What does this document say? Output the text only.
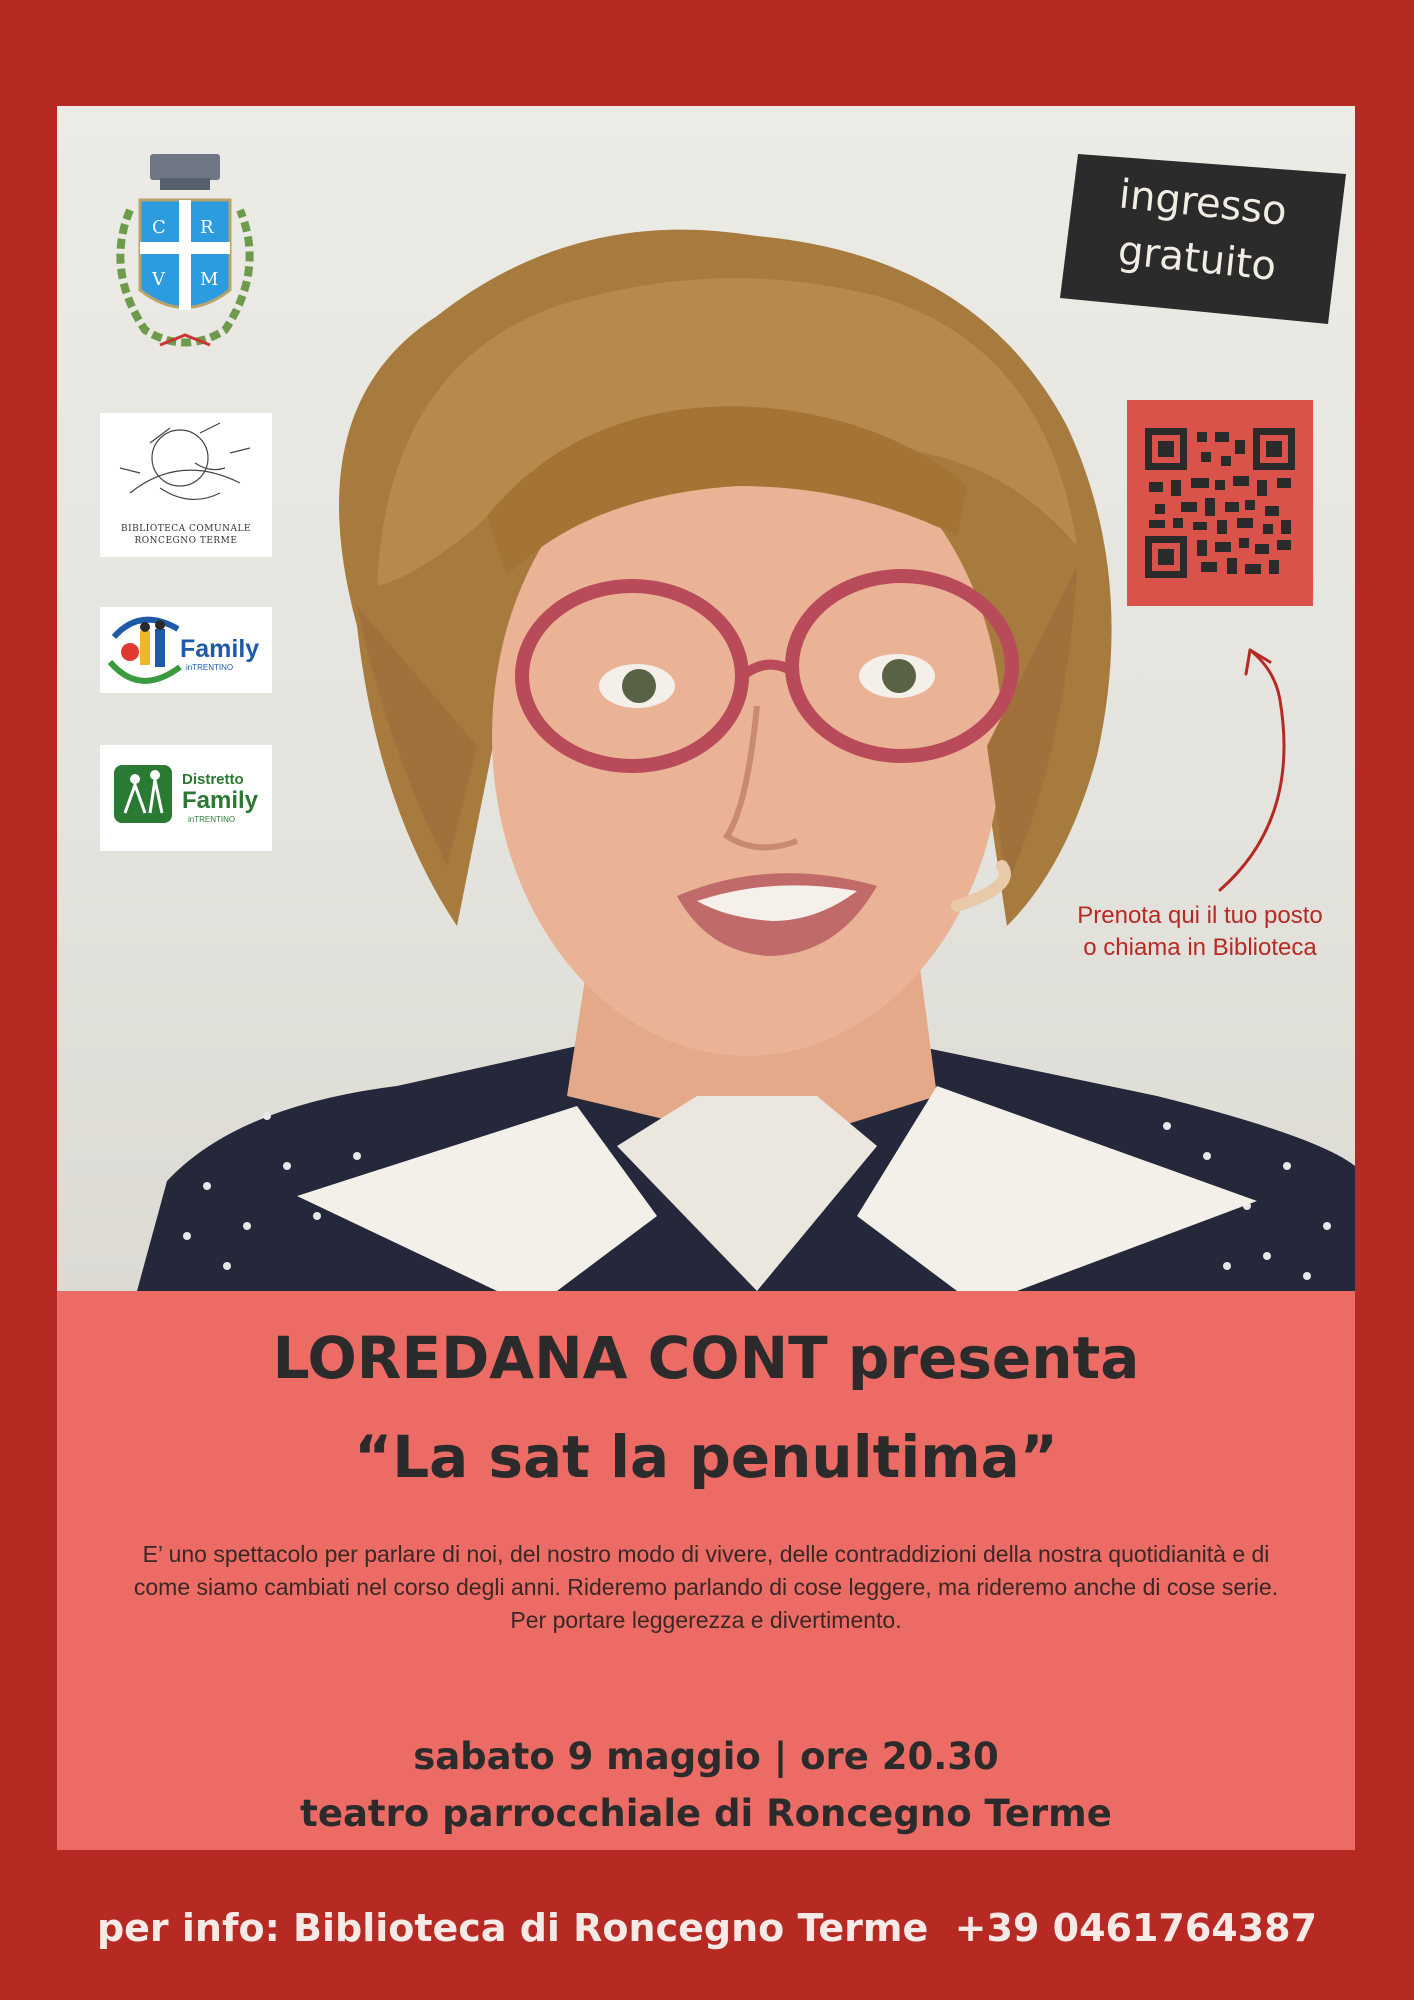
C R
V M
BIBLIOTECA COMUNALE
RONCEGNO TERME
Family
inTRENTINO
Distretto
Family
inTRENTINO
ingresso
gratuito
Prenota qui il tuo posto
o chiama in Biblioteca
LOREDANA CONT presenta
“La sat la penultima”
E’ uno spettacolo per parlare di noi, del nostro modo di vivere, delle contraddizioni della nostra quotidianità e di come siamo cambiati nel corso degli anni. Rideremo parlando di cose leggere, ma rideremo anche di cose serie.
Per portare leggerezza e divertimento.
sabato 9 maggio | ore 20.30
teatro parrocchiale di Roncegno Terme
per info: Biblioteca di Roncegno Terme  +39 0461764387
